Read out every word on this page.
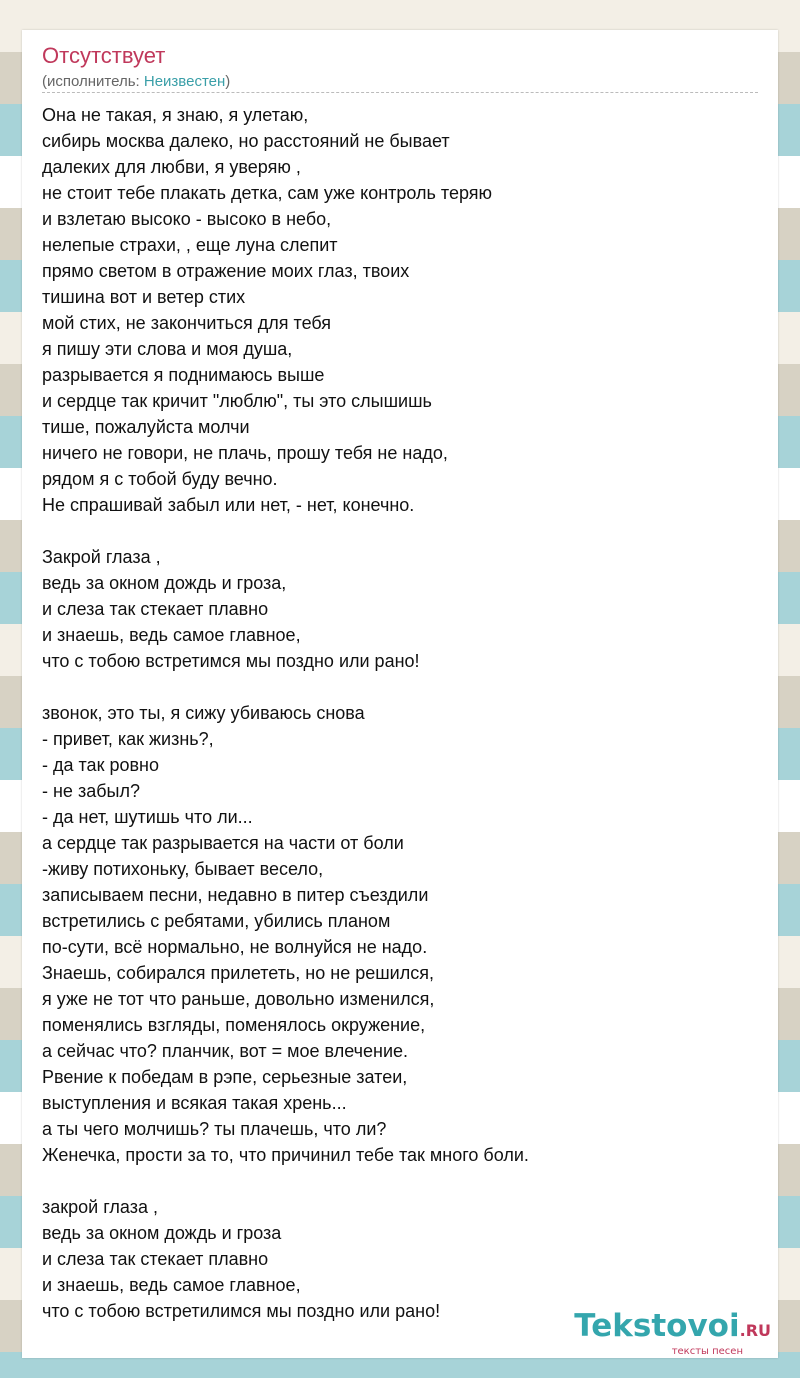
Отсутствует
(исполнитель: Неизвестен)
Она не такая, я знаю, я улетаю,
сибирь москва далеко, но расстояний не бывает
далеких для любви, я уверяю ,
не стоит тебе плакать детка, сам уже контроль теряю
и взлетаю высоко - высоко в небо,
нелепые страхи, , еще луна слепит
прямо светом в отражение моих глаз, твоих
тишина вот и ветер стих
мой стих, не закончиться для тебя
я пишу эти слова и моя душа,
разрывается я поднимаюсь выше
и сердце так кричит "люблю", ты это слышишь
тише, пожалуйста молчи
ничего не говори, не плачь, прошу тебя не надо,
рядом я с тобой буду вечно.
Не спрашивай забыл или нет, - нет, конечно.
Закрой глаза ,
ведь за окном дождь и гроза,
и слеза так стекает плавно
и знаешь, ведь самое главное,
что с тобою встретимся мы поздно или рано!
звонок, это ты, я сижу убиваюсь снова
- привет, как жизнь?,
- да так ровно
- не забыл?
- да нет, шутишь что ли...
а сердце так разрывается на части от боли
-живу потихоньку, бывает весело,
записываем песни, недавно в питер съездили
встретились с ребятами, убились планом
по-сути, всё нормально, не волнуйся не надо.
Знаешь, собирался прилететь, но не решился,
я уже не тот что раньше, довольно изменился,
поменялись взгляды, поменялось окружение,
а сейчас что? планчик, вот = мое влечение.
Рвение к победам в рэпе, серьезные затеи,
выступления и всякая такая хрень...
а ты чего молчишь? ты плачешь, что ли?
Женечка, прости за то, что причинил тебе так много боли.
закрой глаза ,
ведь за окном дождь и гроза
и слеза так стекает плавно
и знаешь, ведь самое главное,
что с тобою встретилимся мы поздно или рано!	Tekstovoi.RU
тексты песен
